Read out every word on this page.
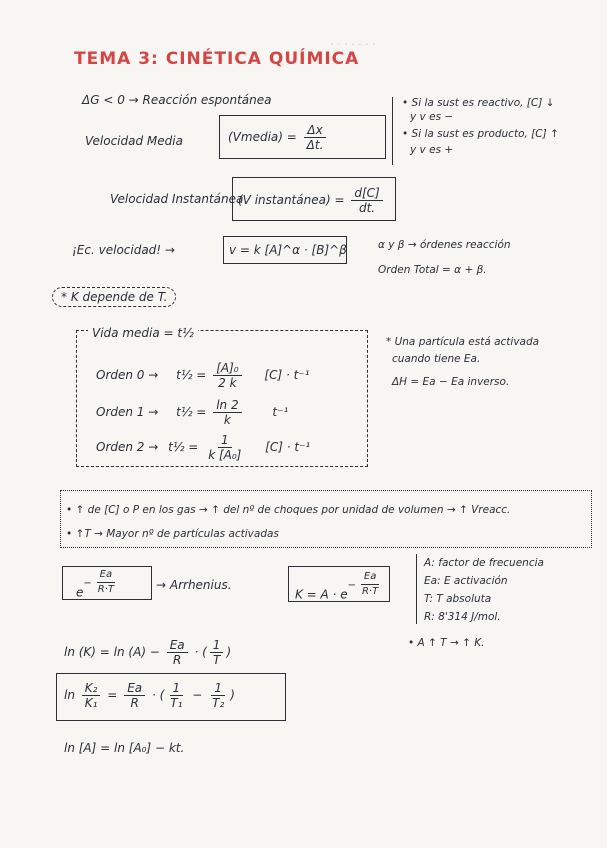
· · · · · · ·
TEMA 3: CINÉTICA QUÍMICA
ΔG < 0 → Reacción espontánea
Velocidad Media	(Vmedia) = $\frac{\Delta x}{\Delta t.}$
• Si la sust es reactivo, [C] ↓
y v es −
• Si la sust es producto, [C] ↑
y v es +
Velocidad Instantánea
(V instantánea) = $\frac{d[C]}{dt.}$
¡Ec. velocidad! →	v = k [A]^α · [B]^β	α y β → órdenes reacción
Orden Total = α + β.
* K depende de T.
Vida media = t½
Orden 0 → t½ = $\frac{\text{[A]₀}}{2 k} [C] \cdot t^{-1}$
Orden 1 → t½ = $\frac{\ln 2}{k}$	t⁻¹
Orden 2 → t½ = $\frac{1}{\text{k [A₀]}} [C] \cdot t^{-1}$
* Una partícula está activada
cuando tiene Ea.
ΔH = Ea − Ea inverso.
• ↑ de [C] o P en los gas → ↑ del nº de choques por unidad de volumen → ↑ Vreacc.
• ↑T → Mayor nº de partículas activadas
$e^{- \frac{Ea}{R\cdot T}}$	→ Arrhenius.
$K = A \cdot e^{- \frac{Ea}{R\cdot T}}$
A: factor de frecuencia
Ea: E activación
T: T absoluta
R: 8'314 J/mol.
• A ↑ T → ↑ K.
$\ln (K) = \ln (A) - \frac{Ea}{R}$ · ( $\frac{1}{T}$ )
$\ln \frac{\text{K₂}}{\text{K₁}} = \frac{Ea}{R}$ · ( $\frac{1}{\text{T₁}} - \frac{1}{\text{T₂}}$ )
ln [A] = ln [A₀] − kt.
